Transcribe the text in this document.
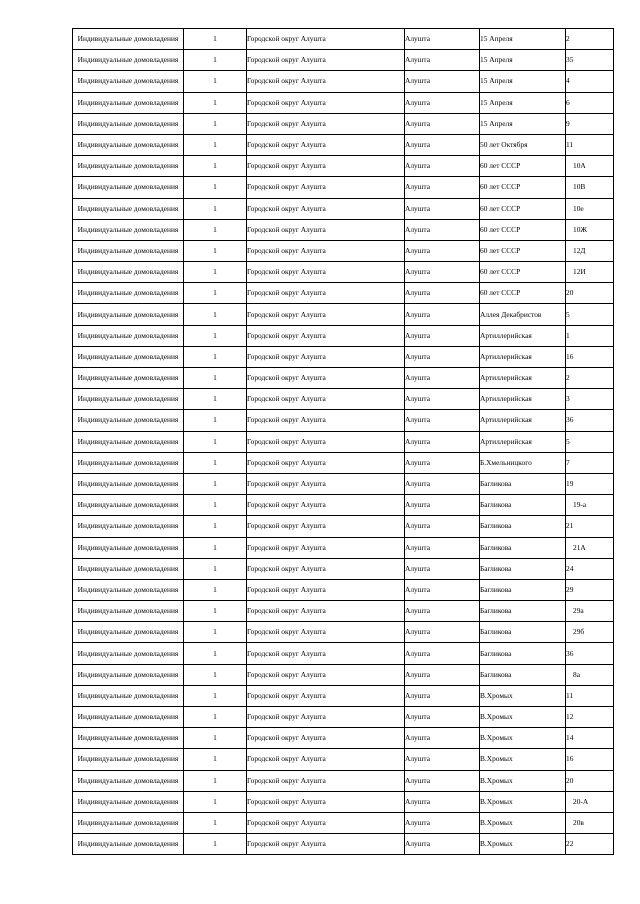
Индивидуальные домовладения	1	Городской округ Алушта	Алушта	15 Апреля	2
Индивидуальные домовладения	1	Городской округ Алушта	Алушта	15 Апреля	35
Индивидуальные домовладения	1	Городской округ Алушта	Алушта	15 Апреля	4
Индивидуальные домовладения	1	Городской округ Алушта	Алушта	15 Апреля	6
Индивидуальные домовладения	1	Городской округ Алушта	Алушта	15 Апреля	9
Индивидуальные домовладения	1	Городской округ Алушта	Алушта	50 лет Октября	11
Индивидуальные домовладения	1	Городской округ Алушта	Алушта	60 лет СССР	10А
Индивидуальные домовладения	1	Городской округ Алушта	Алушта	60 лет СССР	10В
Индивидуальные домовладения	1	Городской округ Алушта	Алушта	60 лет СССР	10е
Индивидуальные домовладения	1	Городской округ Алушта	Алушта	60 лет СССР	10Ж
Индивидуальные домовладения	1	Городской округ Алушта	Алушта	60 лет СССР	12Д
Индивидуальные домовладения	1	Городской округ Алушта	Алушта	60 лет СССР	12И
Индивидуальные домовладения	1	Городской округ Алушта	Алушта	60 лет СССР	20
Индивидуальные домовладения	1	Городской округ Алушта	Алушта	Аллея Декабристов	5
Индивидуальные домовладения	1	Городской округ Алушта	Алушта	Артиллерийская	1
Индивидуальные домовладения	1	Городской округ Алушта	Алушта	Артиллерийская	16
Индивидуальные домовладения	1	Городской округ Алушта	Алушта	Артиллерийская	2
Индивидуальные домовладения	1	Городской округ Алушта	Алушта	Артиллерийская	3
Индивидуальные домовладения	1	Городской округ Алушта	Алушта	Артиллерийская	36
Индивидуальные домовладения	1	Городской округ Алушта	Алушта	Артиллерийская	5
Индивидуальные домовладения	1	Городской округ Алушта	Алушта	Б.Хмельницкого	7
Индивидуальные домовладения	1	Городской округ Алушта	Алушта	Багликова	19
Индивидуальные домовладения	1	Городской округ Алушта	Алушта	Багликова	19-а
Индивидуальные домовладения	1	Городской округ Алушта	Алушта	Багликова	21
Индивидуальные домовладения	1	Городской округ Алушта	Алушта	Багликова	21А
Индивидуальные домовладения	1	Городской округ Алушта	Алушта	Багликова	24
Индивидуальные домовладения	1	Городской округ Алушта	Алушта	Багликова	29
Индивидуальные домовладения	1	Городской округ Алушта	Алушта	Багликова	29а
Индивидуальные домовладения	1	Городской округ Алушта	Алушта	Багликова	29б
Индивидуальные домовладения	1	Городской округ Алушта	Алушта	Багликова	36
Индивидуальные домовладения	1	Городской округ Алушта	Алушта	Багликова	8а
Индивидуальные домовладения	1	Городской округ Алушта	Алушта	В.Хромых	11
Индивидуальные домовладения	1	Городской округ Алушта	Алушта	В.Хромых	12
Индивидуальные домовладения	1	Городской округ Алушта	Алушта	В.Хромых	14
Индивидуальные домовладения	1	Городской округ Алушта	Алушта	В.Хромых	16
Индивидуальные домовладения	1	Городской округ Алушта	Алушта	В.Хромых	20
Индивидуальные домовладения	1	Городской округ Алушта	Алушта	В.Хромых	20-А
Индивидуальные домовладения	1	Городской округ Алушта	Алушта	В.Хромых	20в
Индивидуальные домовладения	1	Городской округ Алушта	Алушта	В.Хромых	22
